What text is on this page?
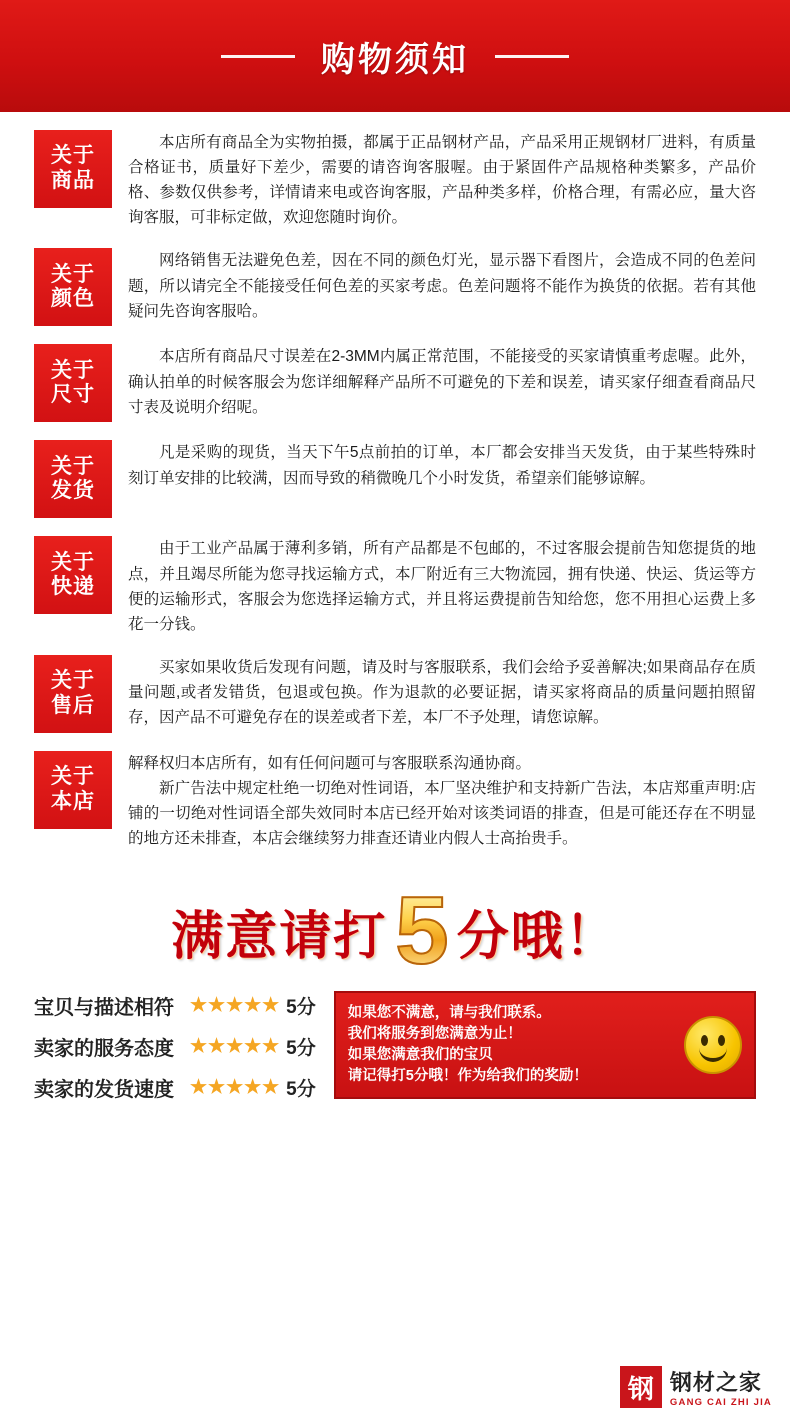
购物须知
关于
商品

本店所有商品全为实物拍摄，都属于正品钢材产品，产品采用正规钢材厂进料，有质量合格证书，质量好下差少，需要的请咨询客服喔。由于紧固件产品规格种类繁多，产品价格、参数仅供参考，详情请来电或咨询客服，产品种类多样，价格合理，有需必应，量大咨询客服，可非标定做，欢迎您随时询价。

关于
颜色

网络销售无法避免色差，因在不同的颜色灯光，显示器下看图片，会造成不同的色差问题，所以请完全不能接受任何色差的买家考虑。色差问题将不能作为换货的依据。若有其他疑问先咨询客服哈。

关于
尺寸

本店所有商品尺寸误差在2-3MM内属正常范围，不能接受的买家请慎重考虑喔。此外，确认拍单的时候客服会为您详细解释产品所不可避免的下差和误差，请买家仔细查看商品尺寸表及说明介绍呢。

关于
发货

凡是采购的现货，当天下午5点前拍的订单，本厂都会安排当天发货，由于某些特殊时刻订单安排的比较满，因而导致的稍微晚几个小时发货，希望亲们能够谅解。

关于
快递

由于工业产品属于薄利多销，所有产品都是不包邮的，不过客服会提前告知您提货的地点，并且竭尽所能为您寻找运输方式，本厂附近有三大物流园，拥有快递、快运、货运等方便的运输形式，客服会为您选择运输方式，并且将运费提前告知给您，您不用担心运费上多花一分钱。

关于
售后

买家如果收货后发现有问题，请及时与客服联系，我们会给予妥善解决;如果商品存在质量问题,或者发错货，包退或包换。作为退款的必要证据，请买家将商品的质量问题拍照留存，因产品不可避免存在的误差或者下差，本厂不予处理，请您谅解。

关于
本店

解释权归本店所有，如有任何问题可与客服联系沟通协商。

新广告法中规定杜绝一切绝对性词语，本厂坚决维护和支持新广告法，本店郑重声明:店铺的一切绝对性词语全部失效同时本店已经开始对该类词语的排查，但是可能还存在不明显的地方还未排查，本店会继续努力排查还请业内假人士高抬贵手。

满意请打 5 分哦！
宝贝与描述相符 ★★★★★ 5分
卖家的服务态度 ★★★★★ 5分
卖家的发货速度 ★★★★★ 5分
如果您不满意，请与我们联系。
我们将服务到您满意为止！
如果您满意我们的宝贝
请记得打5分哦！作为给我们的奖励！
钢 钢材之家
GANG CAI ZHI JIA
